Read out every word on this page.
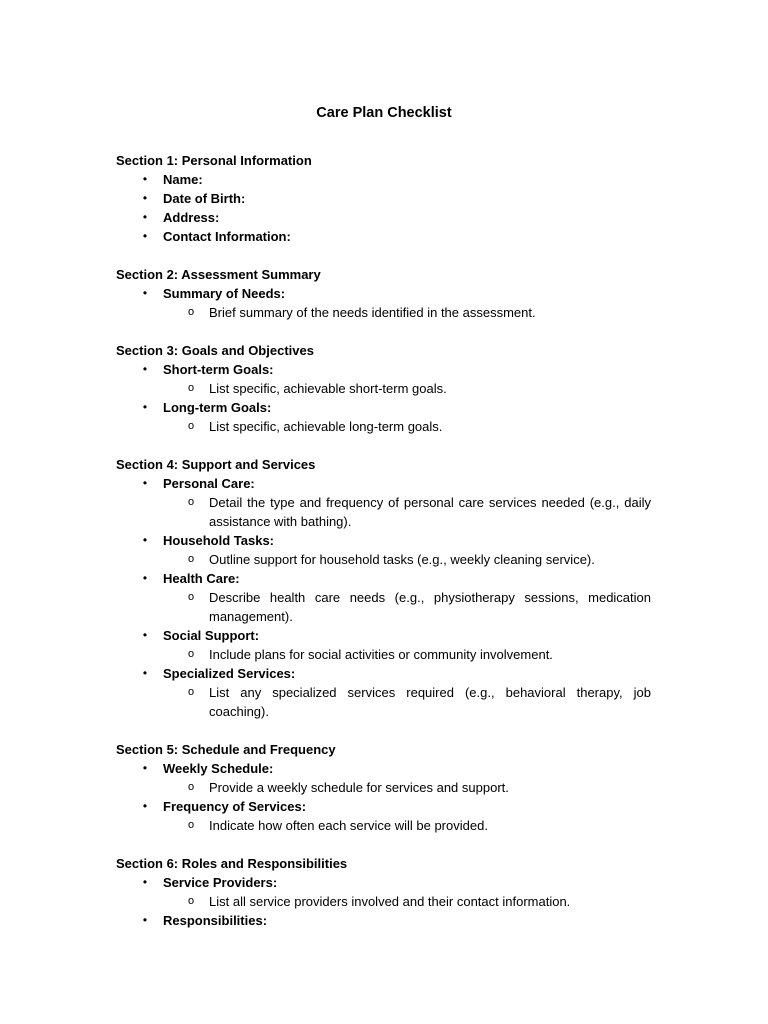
Care Plan Checklist
Section 1: Personal Information
• Name:
• Date of Birth:
• Address:
• Contact Information:
Section 2: Assessment Summary
• Summary of Needs:
o Brief summary of the needs identified in the assessment.
Section 3: Goals and Objectives
• Short-term Goals:
o List specific, achievable short-term goals.
• Long-term Goals:
o List specific, achievable long-term goals.
Section 4: Support and Services
• Personal Care:
o Detail the type and frequency of personal care services needed (e.g., daily assistance with bathing).
• Household Tasks:
o Outline support for household tasks (e.g., weekly cleaning service).
• Health Care:
o Describe health care needs (e.g., physiotherapy sessions, medication management).
• Social Support:
o Include plans for social activities or community involvement.
• Specialized Services:
o List any specialized services required (e.g., behavioral therapy, job coaching).
Section 5: Schedule and Frequency
• Weekly Schedule:
o Provide a weekly schedule for services and support.
• Frequency of Services:
o Indicate how often each service will be provided.
Section 6: Roles and Responsibilities
• Service Providers:
o List all service providers involved and their contact information.
• Responsibilities:
